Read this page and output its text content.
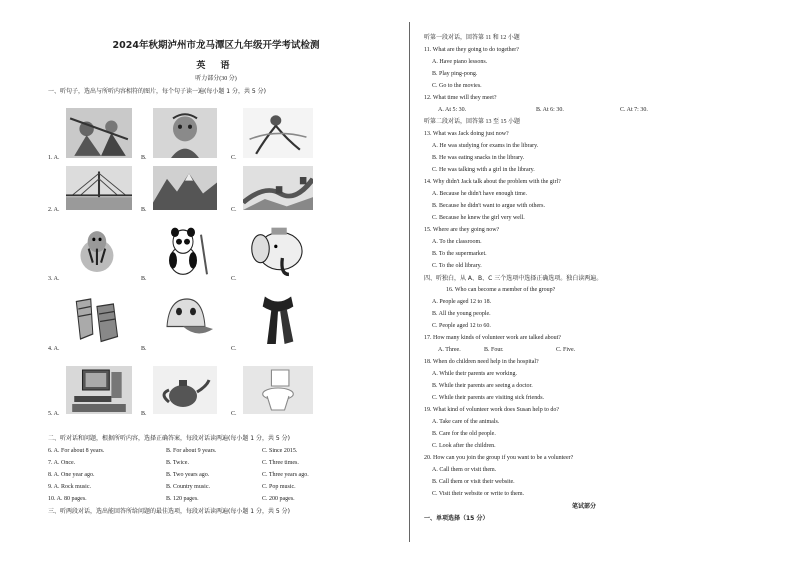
2024年秋期泸州市龙马潭区九年级开学考试检测
英 语
听力部分(30 分)
一、听句子，选出与所听内容相符的图片，每个句子读一遍(每小题 1 分，共 5 分)
1. A.	B.	C.
2. A.	B.	C.
3. A.	B.	C.
4. A.	B.	C.
5. A.	B.	C.
二、听对话和问题，根据所听内容，选择正确答案，每段对话读两遍(每小题 1 分，共 5 分)
6. A. For about 8 years.	B. For about 9 years.	C. Since 2015.
7. A. Once.	B. Twice.	C. Three times.
8. A. One year ago.	B. Two years ago.	C. Three years ago.
9. A. Rock music.	B. Country music.	C. Pop music.
10. A. 80 pages.	B. 120 pages.	C. 200 pages.
三、听两段对话，选出能回答所给问题的最佳选项，每段对话读两遍(每小题 1 分，共 5 分)
听第一段对话，回答第 11 和 12 小题
11. What are they going to do together?
A. Have piano lessons.
B. Play ping-pong.
C. Go to the movies.
12. What time will they meet?
A. At 5: 30.	B. At 6: 30.	C. At 7: 30.
听第二段对话，回答第 13 至 15 小题
13. What was Jack doing just now?
A. He was studying for exams in the library.
B. He was eating snacks in the library.
C. He was talking with a girl in the library.
14. Why didn't Jack talk about the problem with the girl?
A. Because he didn't have enough time.
B. Because he didn't want to argue with others.
C. Because he knew the girl very well.
15. Where are they going now?
A. To the classroom.
B. To the supermarket.
C. To the old library.
四、听独白，从 A、B、C 三个选项中选择正确选项。独白读两遍。
16. Who can become a member of the group?
A. People aged 12 to 18.
B. All the young people.
C. People aged 12 to 60.
17. How many kinds of volunteer work are talked about?
A. Three.	B. Four.	C. Five.
18. When do children need help in the hospital?
A. While their parents are working.
B. While their parents are seeing a doctor.
C. While their parents are visiting sick friends.
19. What kind of volunteer work does Susan help to do?
A. Take care of the animals.
B. Care for the old people.
C. Look after the children.
20. How can you join the group if you want to be a volunteer?
A. Call them or visit them.
B. Call them or visit their website.
C. Visit their website or write to them.
笔试部分
一、单项选择（15 分）
